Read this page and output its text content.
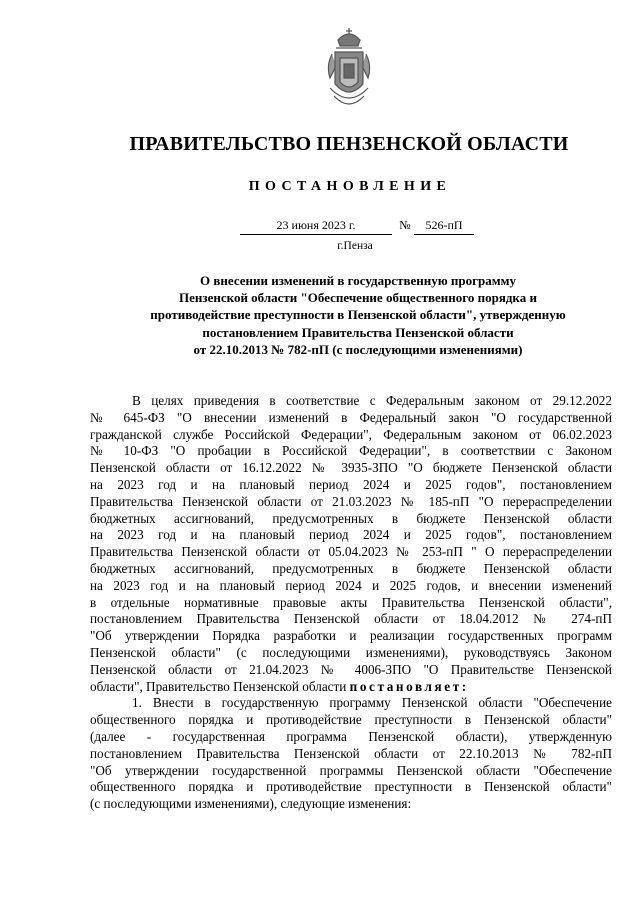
ПРАВИТЕЛЬСТВО ПЕНЗЕНСКОЙ ОБЛАСТИ
ПОСТАНОВЛЕНИЕ
23 июня 2023 г.	№	526-пП
г.Пенза
О внесении изменений в государственную программу
Пензенской области "Обеспечение общественного порядка и
противодействие преступности в Пензенской области", утвержденную
постановлением Правительства Пензенской области
от 22.10.2013 № 782-пП (с последующими изменениями)
В целях приведения в соответствие с Федеральным законом от 29.12.2022
№ 645-ФЗ "О внесении изменений в Федеральный закон "О государственной
гражданской службе Российской Федерации", Федеральным законом от 06.02.2023
№ 10-ФЗ "О пробации в Российской Федерации", в соответствии с Законом
Пензенской области от 16.12.2022 № 3935-ЗПО "О бюджете Пензенской области
на 2023 год и на плановый период 2024 и 2025 годов", постановлением
Правительства Пензенской области от 21.03.2023 № 185-пП "О перераспределении
бюджетных ассигнований, предусмотренных в бюджете Пензенской области
на 2023 год и на плановый период 2024 и 2025 годов", постановлением
Правительства Пензенской области от 05.04.2023 № 253-пП " О перераспределении
бюджетных ассигнований, предусмотренных в бюджете Пензенской области
на 2023 год и на плановый период 2024 и 2025 годов, и внесении изменений
в отдельные нормативные правовые акты Правительства Пензенской области",
постановлением Правительства Пензенской области от 18.04.2012 № 274-пП
"Об утверждении Порядка разработки и реализации государственных программ
Пензенской области" (с последующими изменениями), руководствуясь Законом
Пензенской области от 21.04.2023 № 4006-ЗПО "О Правительстве Пензенской
области", Правительство Пензенской области постановляет:
1. Внести в государственную программу Пензенской области "Обеспечение
общественного порядка и противодействие преступности в Пензенской области"
(далее - государственная программа Пензенской области), утвержденную
постановлением Правительства Пензенской области от 22.10.2013 № 782-пП
"Об утверждении государственной программы Пензенской области "Обеспечение
общественного порядка и противодействие преступности в Пензенской области"
(с последующими изменениями), следующие изменения:
